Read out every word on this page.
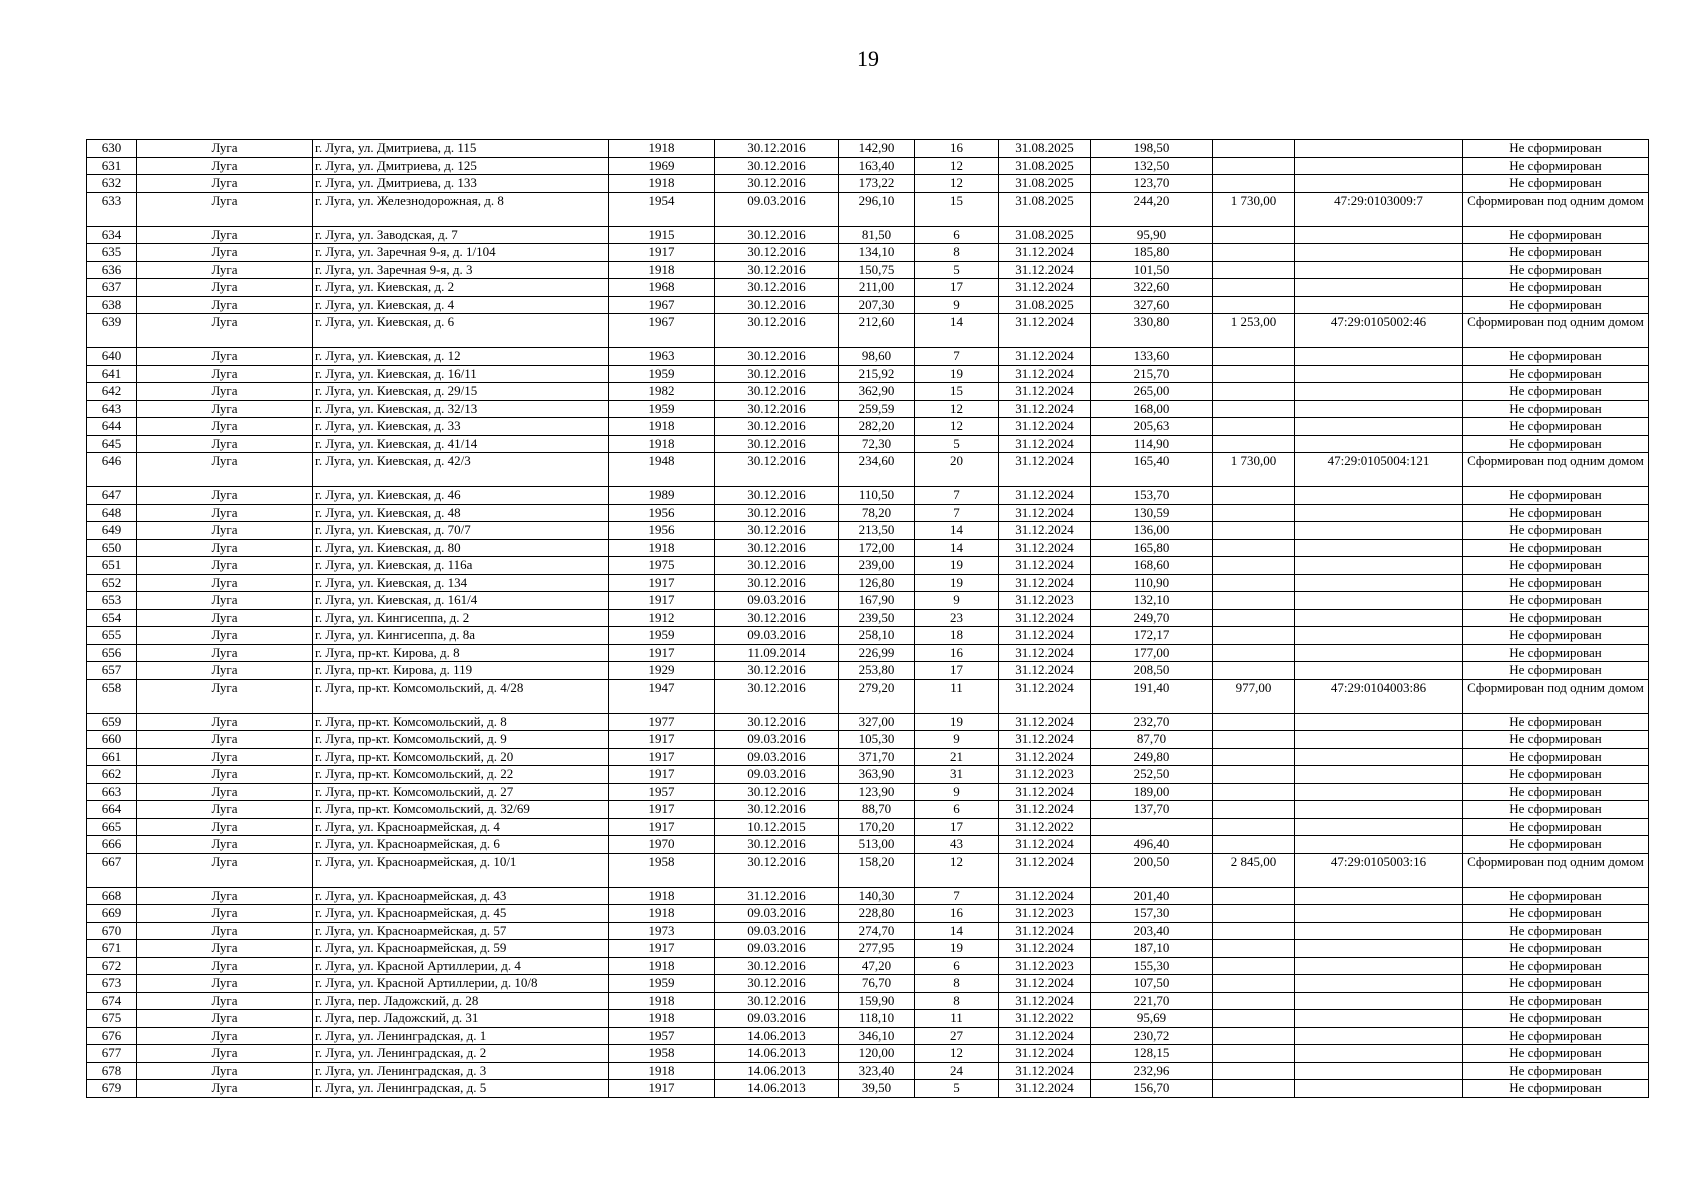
19
630	Луга	г. Луга, ул. Дмитриева, д. 115	1918	30.12.2016	142,90	16	31.08.2025	198,50			Не сформирован
631	Луга	г. Луга, ул. Дмитриева, д. 125	1969	30.12.2016	163,40	12	31.08.2025	132,50			Не сформирован
632	Луга	г. Луга, ул. Дмитриева, д. 133	1918	30.12.2016	173,22	12	31.08.2025	123,70			Не сформирован
633	Луга	г. Луга, ул. Железнодорожная, д. 8	1954	09.03.2016	296,10	15	31.08.2025	244,20	1 730,00	47:29:0103009:7	Сформирован под одним домом
634	Луга	г. Луга, ул. Заводская, д. 7	1915	30.12.2016	81,50	6	31.08.2025	95,90			Не сформирован
635	Луга	г. Луга, ул. Заречная 9-я, д. 1/104	1917	30.12.2016	134,10	8	31.12.2024	185,80			Не сформирован
636	Луга	г. Луга, ул. Заречная 9-я, д. 3	1918	30.12.2016	150,75	5	31.12.2024	101,50			Не сформирован
637	Луга	г. Луга, ул. Киевская, д. 2	1968	30.12.2016	211,00	17	31.12.2024	322,60			Не сформирован
638	Луга	г. Луга, ул. Киевская, д. 4	1967	30.12.2016	207,30	9	31.08.2025	327,60			Не сформирован
639	Луга	г. Луга, ул. Киевская, д. 6	1967	30.12.2016	212,60	14	31.12.2024	330,80	1 253,00	47:29:0105002:46	Сформирован под одним домом
640	Луга	г. Луга, ул. Киевская, д. 12	1963	30.12.2016	98,60	7	31.12.2024	133,60			Не сформирован
641	Луга	г. Луга, ул. Киевская, д. 16/11	1959	30.12.2016	215,92	19	31.12.2024	215,70			Не сформирован
642	Луга	г. Луга, ул. Киевская, д. 29/15	1982	30.12.2016	362,90	15	31.12.2024	265,00			Не сформирован
643	Луга	г. Луга, ул. Киевская, д. 32/13	1959	30.12.2016	259,59	12	31.12.2024	168,00			Не сформирован
644	Луга	г. Луга, ул. Киевская, д. 33	1918	30.12.2016	282,20	12	31.12.2024	205,63			Не сформирован
645	Луга	г. Луга, ул. Киевская, д. 41/14	1918	30.12.2016	72,30	5	31.12.2024	114,90			Не сформирован
646	Луга	г. Луга, ул. Киевская, д. 42/3	1948	30.12.2016	234,60	20	31.12.2024	165,40	1 730,00	47:29:0105004:121	Сформирован под одним домом
647	Луга	г. Луга, ул. Киевская, д. 46	1989	30.12.2016	110,50	7	31.12.2024	153,70			Не сформирован
648	Луга	г. Луга, ул. Киевская, д. 48	1956	30.12.2016	78,20	7	31.12.2024	130,59			Не сформирован
649	Луга	г. Луга, ул. Киевская, д. 70/7	1956	30.12.2016	213,50	14	31.12.2024	136,00			Не сформирован
650	Луга	г. Луга, ул. Киевская, д. 80	1918	30.12.2016	172,00	14	31.12.2024	165,80			Не сформирован
651	Луга	г. Луга, ул. Киевская, д. 116а	1975	30.12.2016	239,00	19	31.12.2024	168,60			Не сформирован
652	Луга	г. Луга, ул. Киевская, д. 134	1917	30.12.2016	126,80	19	31.12.2024	110,90			Не сформирован
653	Луга	г. Луга, ул. Киевская, д. 161/4	1917	09.03.2016	167,90	9	31.12.2023	132,10			Не сформирован
654	Луга	г. Луга, ул. Кингисеппа, д. 2	1912	30.12.2016	239,50	23	31.12.2024	249,70			Не сформирован
655	Луга	г. Луга, ул. Кингисеппа, д. 8а	1959	09.03.2016	258,10	18	31.12.2024	172,17			Не сформирован
656	Луга	г. Луга, пр-кт. Кирова, д. 8	1917	11.09.2014	226,99	16	31.12.2024	177,00			Не сформирован
657	Луга	г. Луга, пр-кт. Кирова, д. 119	1929	30.12.2016	253,80	17	31.12.2024	208,50			Не сформирован
658	Луга	г. Луга, пр-кт. Комсомольский, д. 4/28	1947	30.12.2016	279,20	11	31.12.2024	191,40	977,00	47:29:0104003:86	Сформирован под одним домом
659	Луга	г. Луга, пр-кт. Комсомольский, д. 8	1977	30.12.2016	327,00	19	31.12.2024	232,70			Не сформирован
660	Луга	г. Луга, пр-кт. Комсомольский, д. 9	1917	09.03.2016	105,30	9	31.12.2024	87,70			Не сформирован
661	Луга	г. Луга, пр-кт. Комсомольский, д. 20	1917	09.03.2016	371,70	21	31.12.2024	249,80			Не сформирован
662	Луга	г. Луга, пр-кт. Комсомольский, д. 22	1917	09.03.2016	363,90	31	31.12.2023	252,50			Не сформирован
663	Луга	г. Луга, пр-кт. Комсомольский, д. 27	1957	30.12.2016	123,90	9	31.12.2024	189,00			Не сформирован
664	Луга	г. Луга, пр-кт. Комсомольский, д. 32/69	1917	30.12.2016	88,70	6	31.12.2024	137,70			Не сформирован
665	Луга	г. Луга, ул. Красноармейская, д. 4	1917	10.12.2015	170,20	17	31.12.2022				Не сформирован
666	Луга	г. Луга, ул. Красноармейская, д. 6	1970	30.12.2016	513,00	43	31.12.2024	496,40			Не сформирован
667	Луга	г. Луга, ул. Красноармейская, д. 10/1	1958	30.12.2016	158,20	12	31.12.2024	200,50	2 845,00	47:29:0105003:16	Сформирован под одним домом
668	Луга	г. Луга, ул. Красноармейская, д. 43	1918	31.12.2016	140,30	7	31.12.2024	201,40			Не сформирован
669	Луга	г. Луга, ул. Красноармейская, д. 45	1918	09.03.2016	228,80	16	31.12.2023	157,30			Не сформирован
670	Луга	г. Луга, ул. Красноармейская, д. 57	1973	09.03.2016	274,70	14	31.12.2024	203,40			Не сформирован
671	Луга	г. Луга, ул. Красноармейская, д. 59	1917	09.03.2016	277,95	19	31.12.2024	187,10			Не сформирован
672	Луга	г. Луга, ул. Красной Артиллерии, д. 4	1918	30.12.2016	47,20	6	31.12.2023	155,30			Не сформирован
673	Луга	г. Луга, ул. Красной Артиллерии, д. 10/8	1959	30.12.2016	76,70	8	31.12.2024	107,50			Не сформирован
674	Луга	г. Луга, пер. Ладожский, д. 28	1918	30.12.2016	159,90	8	31.12.2024	221,70			Не сформирован
675	Луга	г. Луга, пер. Ладожский, д. 31	1918	09.03.2016	118,10	11	31.12.2022	95,69			Не сформирован
676	Луга	г. Луга, ул. Ленинградская, д. 1	1957	14.06.2013	346,10	27	31.12.2024	230,72			Не сформирован
677	Луга	г. Луга, ул. Ленинградская, д. 2	1958	14.06.2013	120,00	12	31.12.2024	128,15			Не сформирован
678	Луга	г. Луга, ул. Ленинградская, д. 3	1918	14.06.2013	323,40	24	31.12.2024	232,96			Не сформирован
679	Луга	г. Луга, ул. Ленинградская, д. 5	1917	14.06.2013	39,50	5	31.12.2024	156,70			Не сформирован
